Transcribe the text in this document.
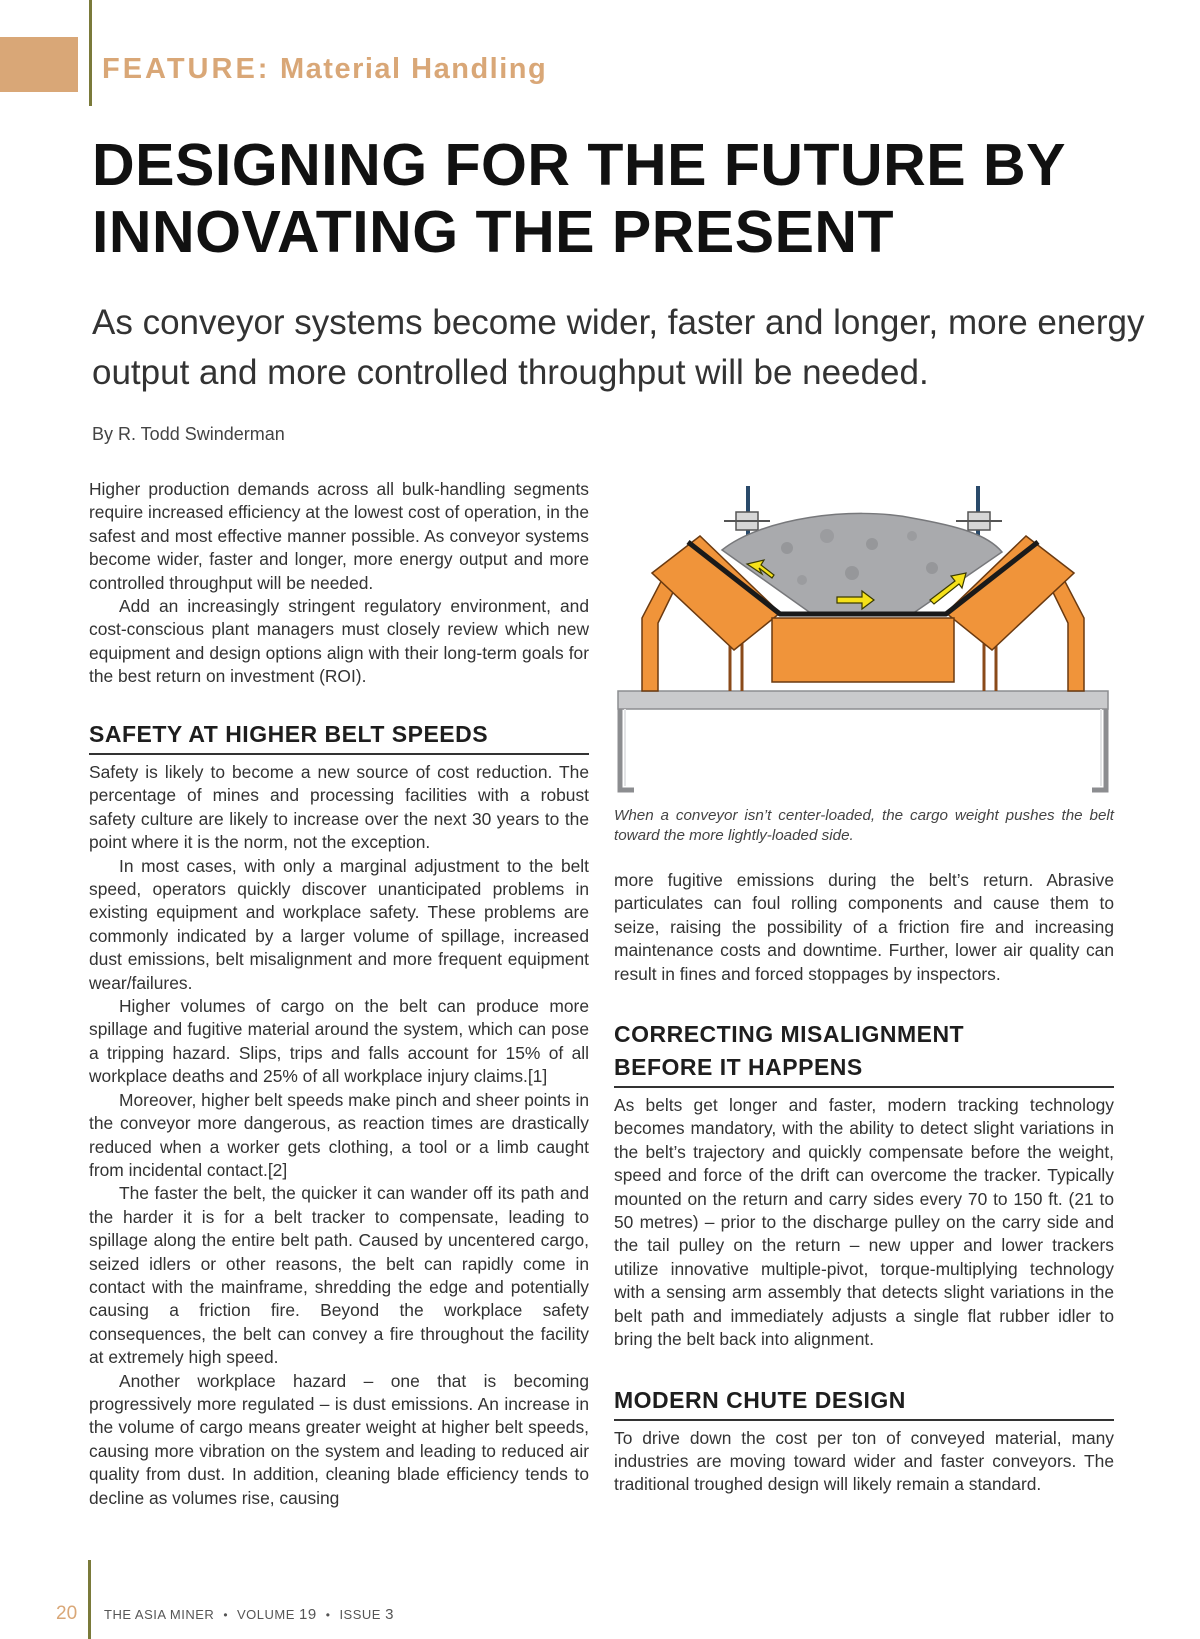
FEATURE: Material Handling
DESIGNING FOR THE FUTURE BY
INNOVATING THE PRESENT
As conveyor systems become wider, faster and longer, more energy output and more controlled throughput will be needed.
By R. Todd Swinderman

Higher production demands across all bulk-handling segments require increased efficiency at the lowest cost of operation, in the safest and most effective manner possible. As conveyor systems become wider, faster and longer, more energy output and more controlled throughput will be needed.

Add an increasingly stringent regulatory environment, and cost-conscious plant managers must closely review which new equipment and design options align with their long-term goals for the best return on investment (ROI).

SAFETY AT HIGHER BELT SPEEDS

Safety is likely to become a new source of cost reduction. The percentage of mines and processing facilities with a robust safety culture are likely to increase over the next 30 years to the point where it is the norm, not the exception.

In most cases, with only a marginal adjustment to the belt speed, operators quickly discover unanticipated problems in existing equipment and workplace safety. These problems are commonly indicated by a larger volume of spillage, increased dust emissions, belt misalignment and more frequent equipment wear/failures.

Higher volumes of cargo on the belt can produce more spillage and fugitive material around the system, which can pose a tripping hazard. Slips, trips and falls account for 15% of all workplace deaths and 25% of all workplace injury claims.[1]

Moreover, higher belt speeds make pinch and sheer points in the conveyor more dangerous, as reaction times are drastically reduced when a worker gets clothing, a tool or a limb caught from incidental contact.[2]

The faster the belt, the quicker it can wander off its path and the harder it is for a belt tracker to compensate, leading to spillage along the entire belt path. Caused by uncentered cargo, seized idlers or other reasons, the belt can rapidly come in contact with the mainframe, shredding the edge and potentially causing a friction fire. Beyond the workplace safety consequences, the belt can convey a fire throughout the facility at extremely high speed.

Another workplace hazard – one that is becoming progressively more regulated – is dust emissions. An increase in the volume of cargo means greater weight at higher belt speeds, causing more vibration on the system and leading to reduced air quality from dust. In addition, cleaning blade efficiency tends to decline as volumes rise, causing

When a conveyor isn’t center-loaded, the cargo weight pushes the belt toward the more lightly-loaded side.

more fugitive emissions during the belt’s return. Abrasive particulates can foul rolling components and cause them to seize, raising the possibility of a friction fire and increasing maintenance costs and downtime. Further, lower air quality can result in fines and forced stoppages by inspectors.

CORRECTING MISALIGNMENT
BEFORE IT HAPPENS

As belts get longer and faster, modern tracking technology becomes mandatory, with the ability to detect slight variations in the belt’s trajectory and quickly compensate before the weight, speed and force of the drift can overcome the tracker. Typically mounted on the return and carry sides every 70 to 150 ft. (21 to 50 metres) – prior to the discharge pulley on the carry side and the tail pulley on the return – new upper and lower trackers utilize innovative multiple-pivot, torque-multiplying technology with a sensing arm assembly that detects slight variations in the belt path and immediately adjusts a single flat rubber idler to bring the belt back into alignment.

MODERN CHUTE DESIGN

To drive down the cost per ton of conveyed material, many industries are moving toward wider and faster conveyors. The traditional troughed design will likely remain a standard.

20 THE ASIA MINER • VOLUME 19 • ISSUE 3
